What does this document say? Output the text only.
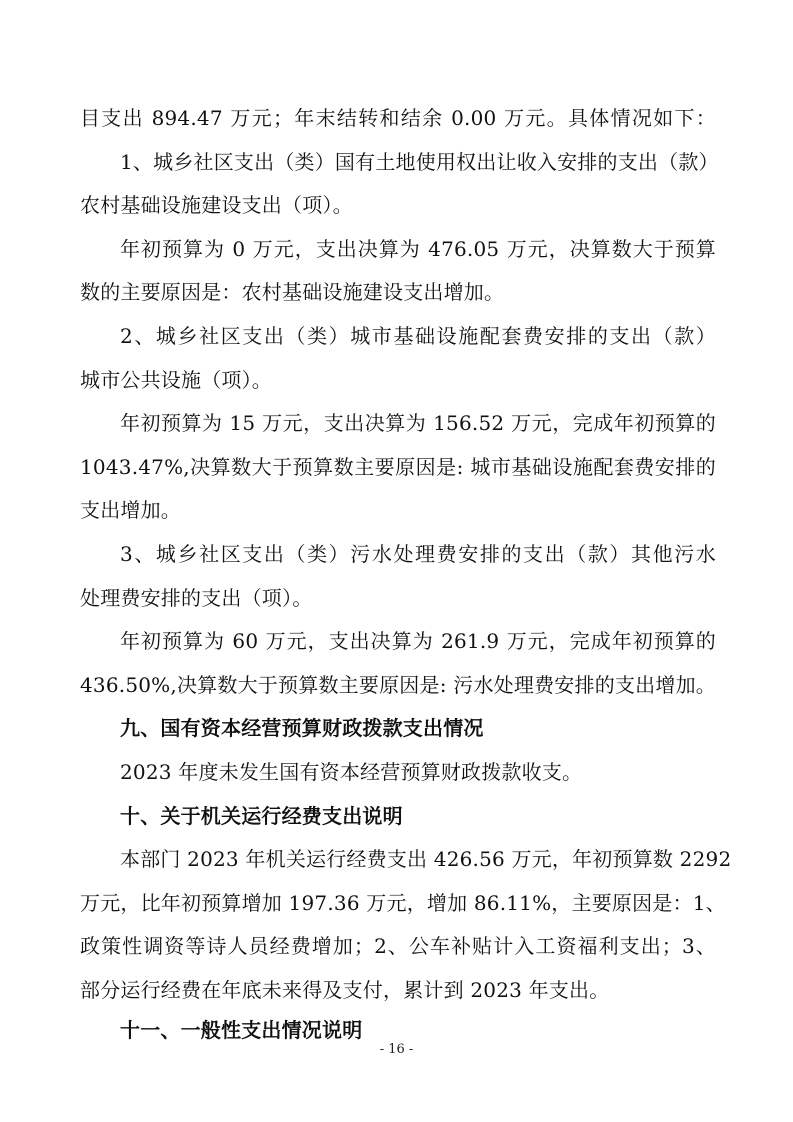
目支出 894.47 万元；年末结转和结余 0.00 万元。具体情况如下：
1、城乡社区支出（类）国有土地使用权出让收入安排的支出（款）
农村基础设施建设支出（项）。
年初预算为 0 万元，支出决算为 476.05 万元，决算数大于预算
数的主要原因是：农村基础设施建设支出增加。
2、城乡社区支出（类）城市基础设施配套费安排的支出（款）
城市公共设施（项）。
年初预算为 15 万元，支出决算为 156.52 万元，完成年初预算的
1043.47%,决算数大于预算数主要原因是: 城市基础设施配套费安排的
支出增加。
3、城乡社区支出（类）污水处理费安排的支出（款）其他污水
处理费安排的支出（项）。
年初预算为 60 万元，支出决算为 261.9 万元，完成年初预算的
436.50%,决算数大于预算数主要原因是: 污水处理费安排的支出增加。
九、国有资本经营预算财政拨款支出情况
2023 年度未发生国有资本经营预算财政拨款收支。
十、关于机关运行经费支出说明
本部门 2023 年机关运行经费支出 426.56 万元，年初预算数 2292
万元，比年初预算增加 197.36 万元，增加 86.11%，主要原因是：1、
政策性调资等诗人员经费增加；2、公车补贴计入工资福利支出；3、
部分运行经费在年底未来得及支付，累计到 2023 年支出。
- 16 -
十一、一般性支出情况说明
